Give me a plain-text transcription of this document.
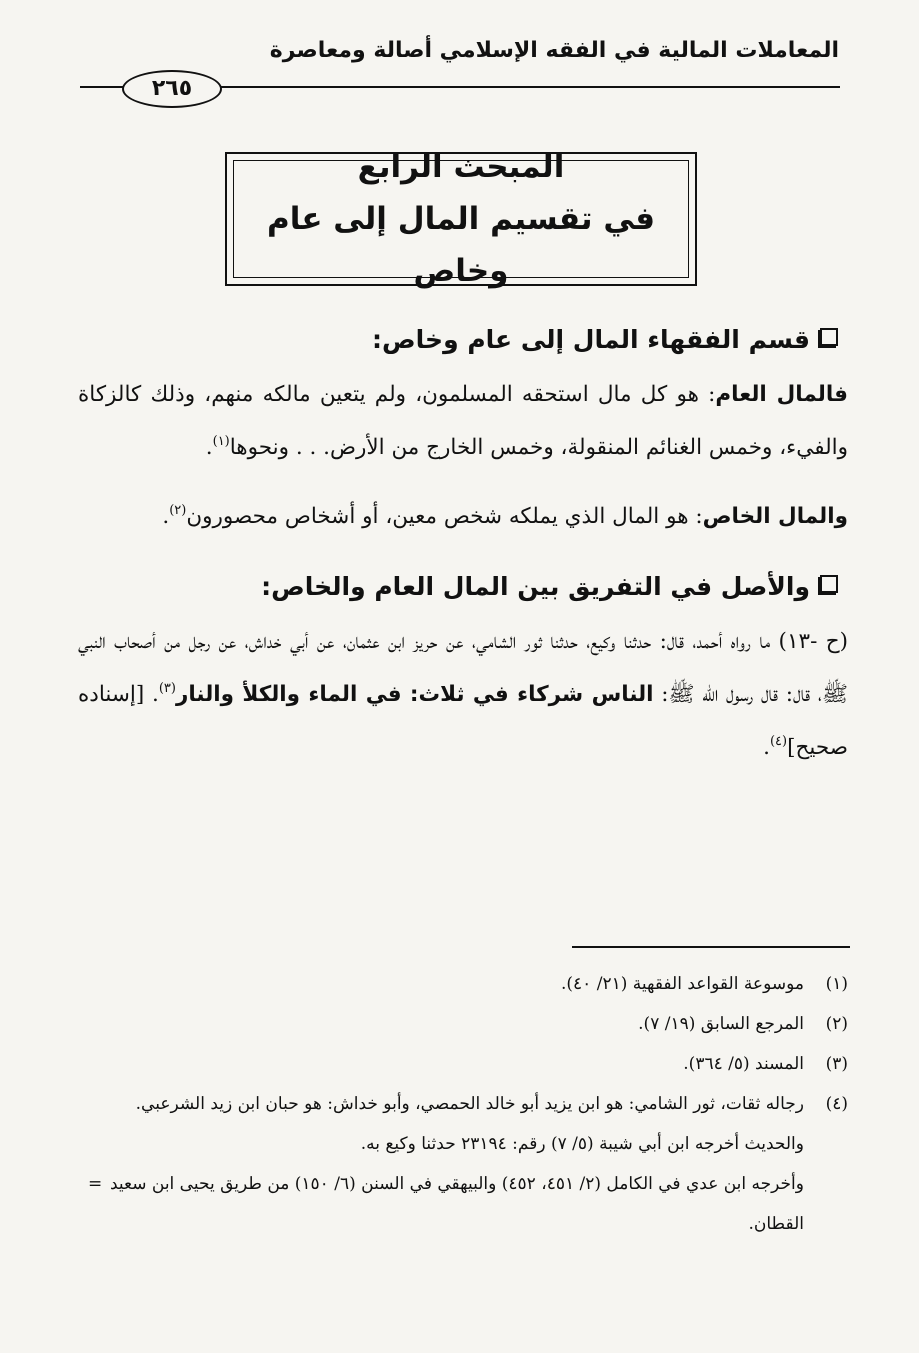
المعاملات المالية في الفقه الإسلامي أصالة ومعاصرة
٢٦٥
المبحث الرابع
في تقسيم المال إلى عام وخاص
قسم الفقهاء المال إلى عام وخاص:

فالمال العام: هو كل مال استحقه المسلمون، ولم يتعين مالكه منهم، وذلك كالزكاة والفيء، وخمس الغنائم المنقولة، وخمس الخارج من الأرض. . . ونحوها$^{(١)}$.

والمال الخاص: هو المال الذي يملكه شخص معين، أو أشخاص محصورون$^{(٢)}$.

والأصل في التفريق بين المال العام والخاص:

(ح -١٣) ما رواه أحمد، قال: حدثنا وكيع، حدثنا ثور الشامي، عن حريز ابن عثمان، عن أبي خداش، عن رجل من أصحاب النبي ﷺ، قال: قال رسول الله ﷺ: الناس شركاء في ثلاث: في الماء والكلأ والنار$^{(٣)}$. [إسناده صحيح]$^{(٤)}$.

(١)
موسوعة القواعد الفقهية (٢١/ ٤٠).
(٢)
المرجع السابق (١٩/ ٧).
(٣)
المسند (٥/ ٣٦٤).
(٤)
رجاله ثقات، ثور الشامي: هو ابن يزيد أبو خالد الحمصي، وأبو خداش: هو حبان ابن زيد الشرعبي.
والحديث أخرجه ابن أبي شيبة (٥/ ٧) رقم: ٢٣١٩٤ حدثنا وكيع به.
وأخرجه ابن عدي في الكامل (٢/ ٤٥١، ٤٥٢) والبيهقي في السنن (٦/ ١٥٠) من طريق يحيى ابن سعيد القطان.
=
